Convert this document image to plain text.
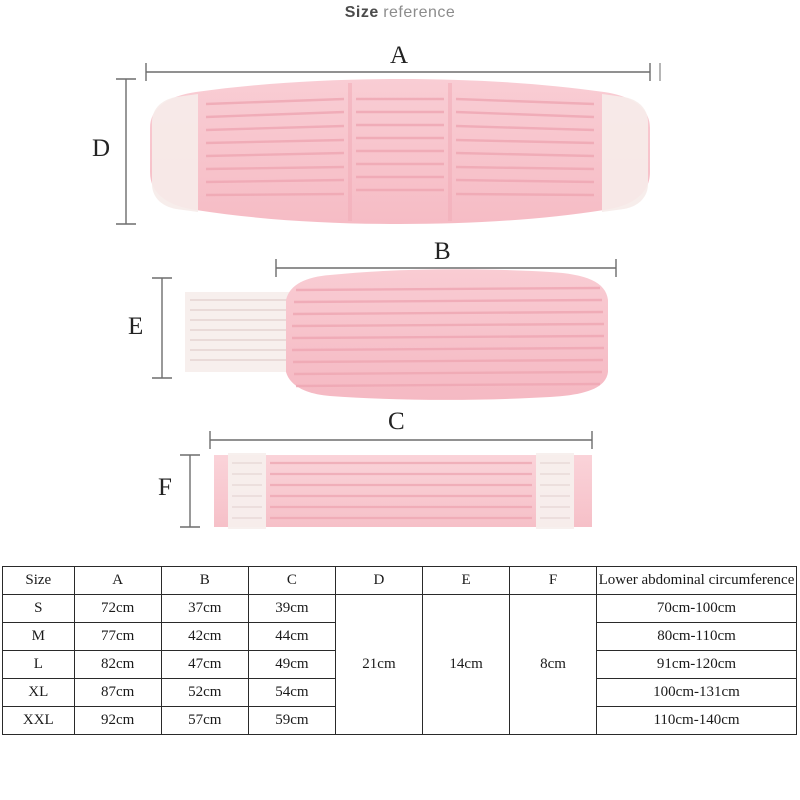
Size reference
A
B
C
D
E
F
Size	A	B	C	D	E	F	Lower abdominal circumference
S	72cm	37cm	39cm	21cm	14cm	8cm	70cm-100cm
M	77cm	42cm	44cm				80cm-110cm
L	82cm	47cm	49cm				91cm-120cm
XL	87cm	52cm	54cm				100cm-131cm
XXL	92cm	57cm	59cm				110cm-140cm
